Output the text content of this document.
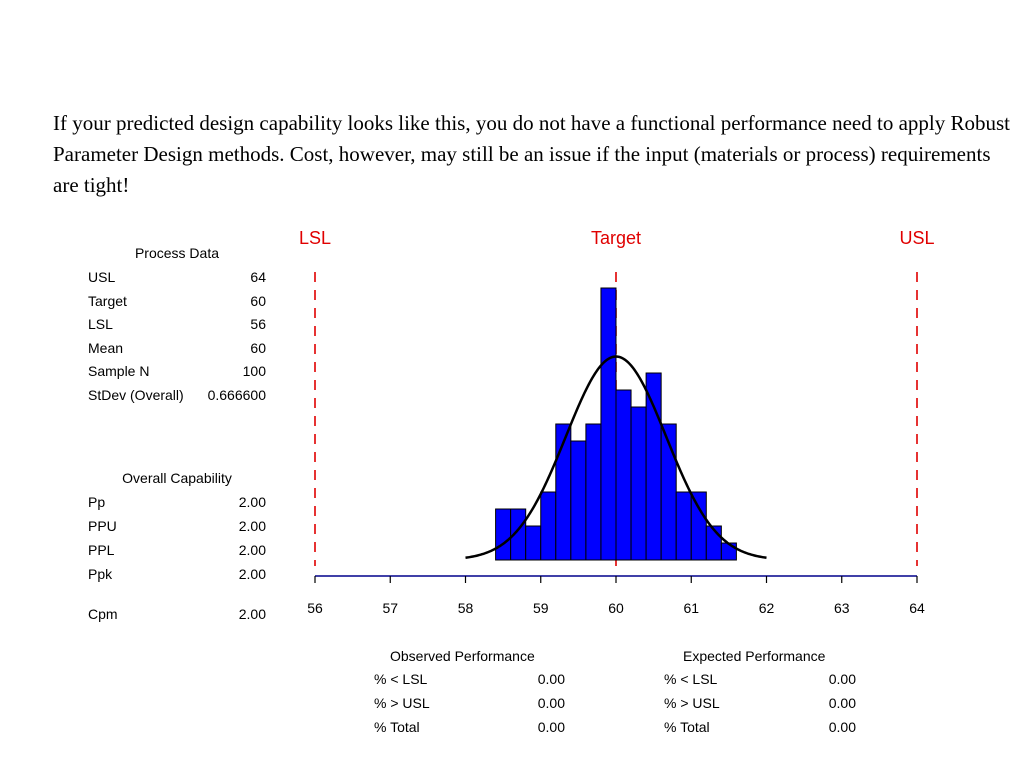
If your predicted design capability looks like this, you do not have a functional performance need to apply Robust Parameter Design methods. Cost, however, may still be an issue if the input (materials or process) requirements are tight!
Process Data
USL	64
Target	60
LSL	56
Mean	60
Sample N	100
StDev (Overall) 0.666600
Overall Capability
Pp	2.00
PPU	2.00
PPL	2.00
Ppk	2.00
Cpm	2.00
LSL	Target	USL
56	57	58	59	60	61	62	63	64
Observed Performance
% < LSL	0.00
% > USL	0.00
% Total	0.00
Expected Performance
% < LSL	0.00
% > USL	0.00
% Total	0.00
